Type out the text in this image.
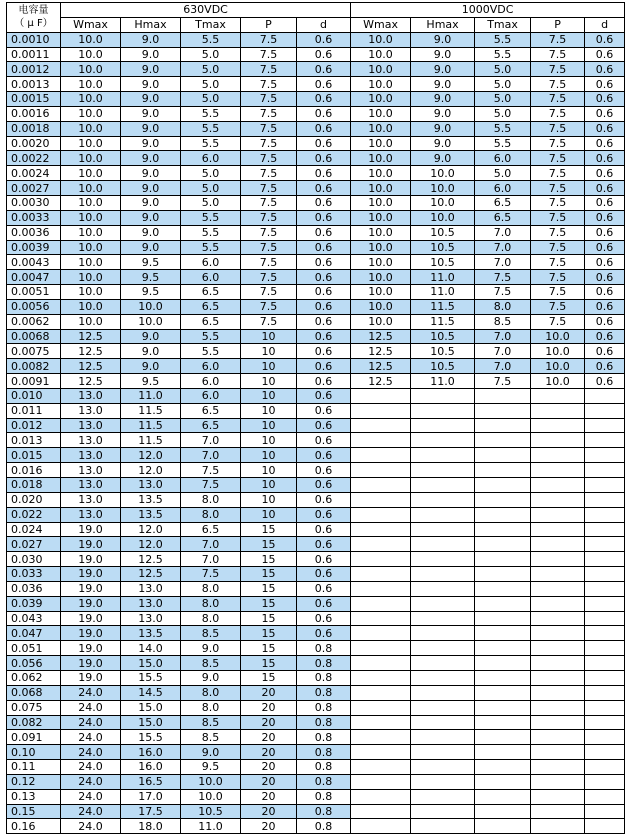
电容量
（ μ F）	630VDC					1000VDC				
	Wmax	Hmax	Tmax	P	d	Wmax	Hmax	Tmax	P	d
0.0010	10.0	9.0	5.5	7.5	0.6	10.0	9.0	5.5	7.5	0.6
0.0011	10.0	9.0	5.0	7.5	0.6	10.0	9.0	5.5	7.5	0.6
0.0012	10.0	9.0	5.0	7.5	0.6	10.0	9.0	5.0	7.5	0.6
0.0013	10.0	9.0	5.0	7.5	0.6	10.0	9.0	5.0	7.5	0.6
0.0015	10.0	9.0	5.0	7.5	0.6	10.0	9.0	5.0	7.5	0.6
0.0016	10.0	9.0	5.5	7.5	0.6	10.0	9.0	5.0	7.5	0.6
0.0018	10.0	9.0	5.5	7.5	0.6	10.0	9.0	5.5	7.5	0.6
0.0020	10.0	9.0	5.5	7.5	0.6	10.0	9.0	5.5	7.5	0.6
0.0022	10.0	9.0	6.0	7.5	0.6	10.0	9.0	6.0	7.5	0.6
0.0024	10.0	9.0	5.0	7.5	0.6	10.0	10.0	5.0	7.5	0.6
0.0027	10.0	9.0	5.0	7.5	0.6	10.0	10.0	6.0	7.5	0.6
0.0030	10.0	9.0	5.0	7.5	0.6	10.0	10.0	6.5	7.5	0.6
0.0033	10.0	9.0	5.5	7.5	0.6	10.0	10.0	6.5	7.5	0.6
0.0036	10.0	9.0	5.5	7.5	0.6	10.0	10.5	7.0	7.5	0.6
0.0039	10.0	9.0	5.5	7.5	0.6	10.0	10.5	7.0	7.5	0.6
0.0043	10.0	9.5	6.0	7.5	0.6	10.0	10.5	7.0	7.5	0.6
0.0047	10.0	9.5	6.0	7.5	0.6	10.0	11.0	7.5	7.5	0.6
0.0051	10.0	9.5	6.5	7.5	0.6	10.0	11.0	7.5	7.5	0.6
0.0056	10.0	10.0	6.5	7.5	0.6	10.0	11.5	8.0	7.5	0.6
0.0062	10.0	10.0	6.5	7.5	0.6	10.0	11.5	8.5	7.5	0.6
0.0068	12.5	9.0	5.5	10	0.6	12.5	10.5	7.0	10.0	0.6
0.0075	12.5	9.0	5.5	10	0.6	12.5	10.5	7.0	10.0	0.6
0.0082	12.5	9.0	6.0	10	0.6	12.5	10.5	7.0	10.0	0.6
0.0091	12.5	9.5	6.0	10	0.6	12.5	11.0	7.5	10.0	0.6
0.010	13.0	11.0	6.0	10	0.6					
0.011	13.0	11.5	6.5	10	0.6					
0.012	13.0	11.5	6.5	10	0.6					
0.013	13.0	11.5	7.0	10	0.6					
0.015	13.0	12.0	7.0	10	0.6					
0.016	13.0	12.0	7.5	10	0.6					
0.018	13.0	13.0	7.5	10	0.6					
0.020	13.0	13.5	8.0	10	0.6					
0.022	13.0	13.5	8.0	10	0.6					
0.024	19.0	12.0	6.5	15	0.6					
0.027	19.0	12.0	7.0	15	0.6					
0.030	19.0	12.5	7.0	15	0.6					
0.033	19.0	12.5	7.5	15	0.6					
0.036	19.0	13.0	8.0	15	0.6					
0.039	19.0	13.0	8.0	15	0.6					
0.043	19.0	13.0	8.0	15	0.6					
0.047	19.0	13.5	8.5	15	0.6					
0.051	19.0	14.0	9.0	15	0.8					
0.056	19.0	15.0	8.5	15	0.8					
0.062	19.0	15.5	9.0	15	0.8					
0.068	24.0	14.5	8.0	20	0.8					
0.075	24.0	15.0	8.0	20	0.8					
0.082	24.0	15.0	8.5	20	0.8					
0.091	24.0	15.5	8.5	20	0.8					
0.10	24.0	16.0	9.0	20	0.8					
0.11	24.0	16.0	9.5	20	0.8					
0.12	24.0	16.5	10.0	20	0.8					
0.13	24.0	17.0	10.0	20	0.8					
0.15	24.0	17.5	10.5	20	0.8					
0.16	24.0	18.0	11.0	20	0.8					
